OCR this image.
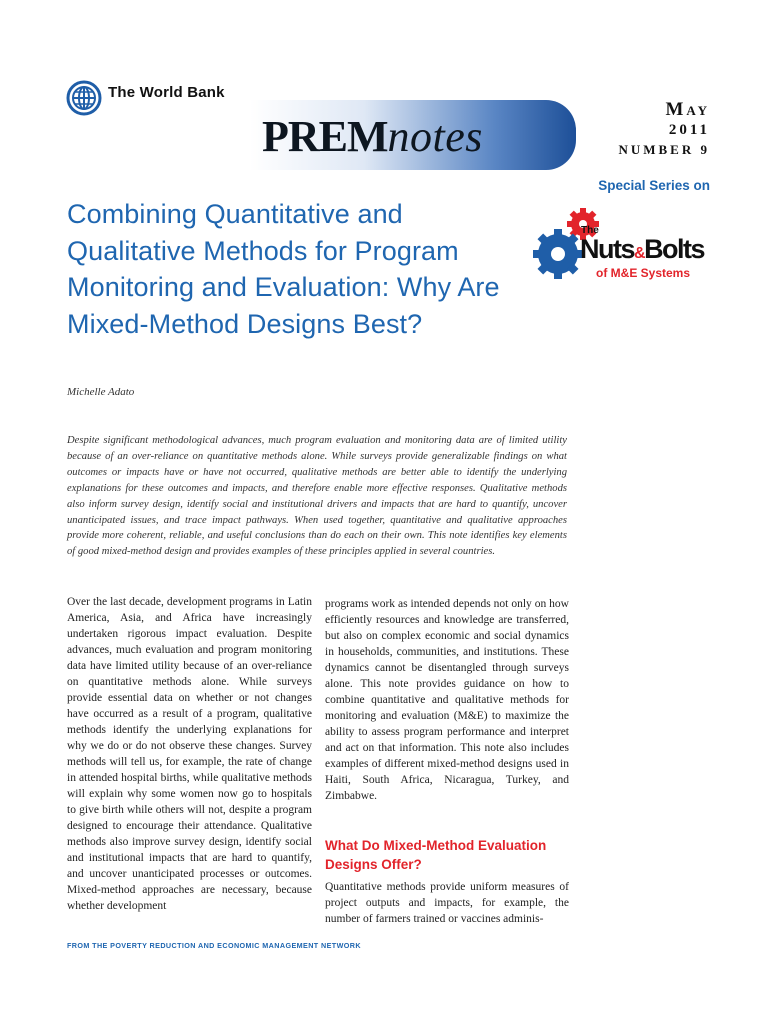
The World Bank
PREMnotes
May
2011
NUMBER 9
Special Series on
The
Nuts&Bolts
of M&E Systems
Combining Quantitative and Qualitative Methods for Program Monitoring and Evaluation: Why Are Mixed-Method Designs Best?
Michelle Adato

Despite significant methodological advances, much program evaluation and monitoring data are of limited utility because of an over-reliance on quantitative methods alone. While surveys provide generalizable findings on what outcomes or impacts have or have not occurred, qualitative methods are better able to identify the underlying explanations for these outcomes and impacts, and therefore enable more effective responses. Qualitative methods also inform survey design, identify social and institutional drivers and impacts that are hard to quantify, uncover unanticipated issues, and trace impact pathways. When used together, quantitative and qualitative approaches provide more coherent, reliable, and useful conclusions than do each on their own. This note identifies key elements of good mixed-method design and provides examples of these principles applied in several countries.

Over the last decade, development programs in Latin America, Asia, and Africa have increasingly undertaken rigorous impact evaluation. Despite advances, much evaluation and program monitoring data have limited utility because of an over-reliance on quantitative methods alone. While surveys provide essential data on whether or not changes have occurred as a result of a program, qualitative methods identify the underlying explanations for why we do or do not observe these changes. Survey methods will tell us, for example, the rate of change in attended hospital births, while qualitative methods will explain why some women now go to hospitals to give birth while others will not, despite a program designed to encourage their attendance. Qualitative methods also improve survey design, identify social and institutional impacts that are hard to quantify, and uncover unanticipated processes or outcomes. Mixed-method approaches are necessary, because whether development

programs work as intended depends not only on how efficiently resources and knowledge are transferred, but also on complex economic and social dynamics in households, communities, and institutions. These dynamics cannot be disentangled through surveys alone. This note provides guidance on how to combine quantitative and qualitative methods for monitoring and evaluation (M&E) to maximize the ability to assess program performance and interpret and act on that information. This note also includes examples of different mixed-method designs used in Haiti, South Africa, Nicaragua, Turkey, and Zimbabwe.

What Do Mixed-Method Evaluation Designs Offer?

Quantitative methods provide uniform measures of project outputs and impacts, for example, the number of farmers trained or vaccines adminis-

FROM THE POVERTY REDUCTION AND ECONOMIC MANAGEMENT NETWORK
